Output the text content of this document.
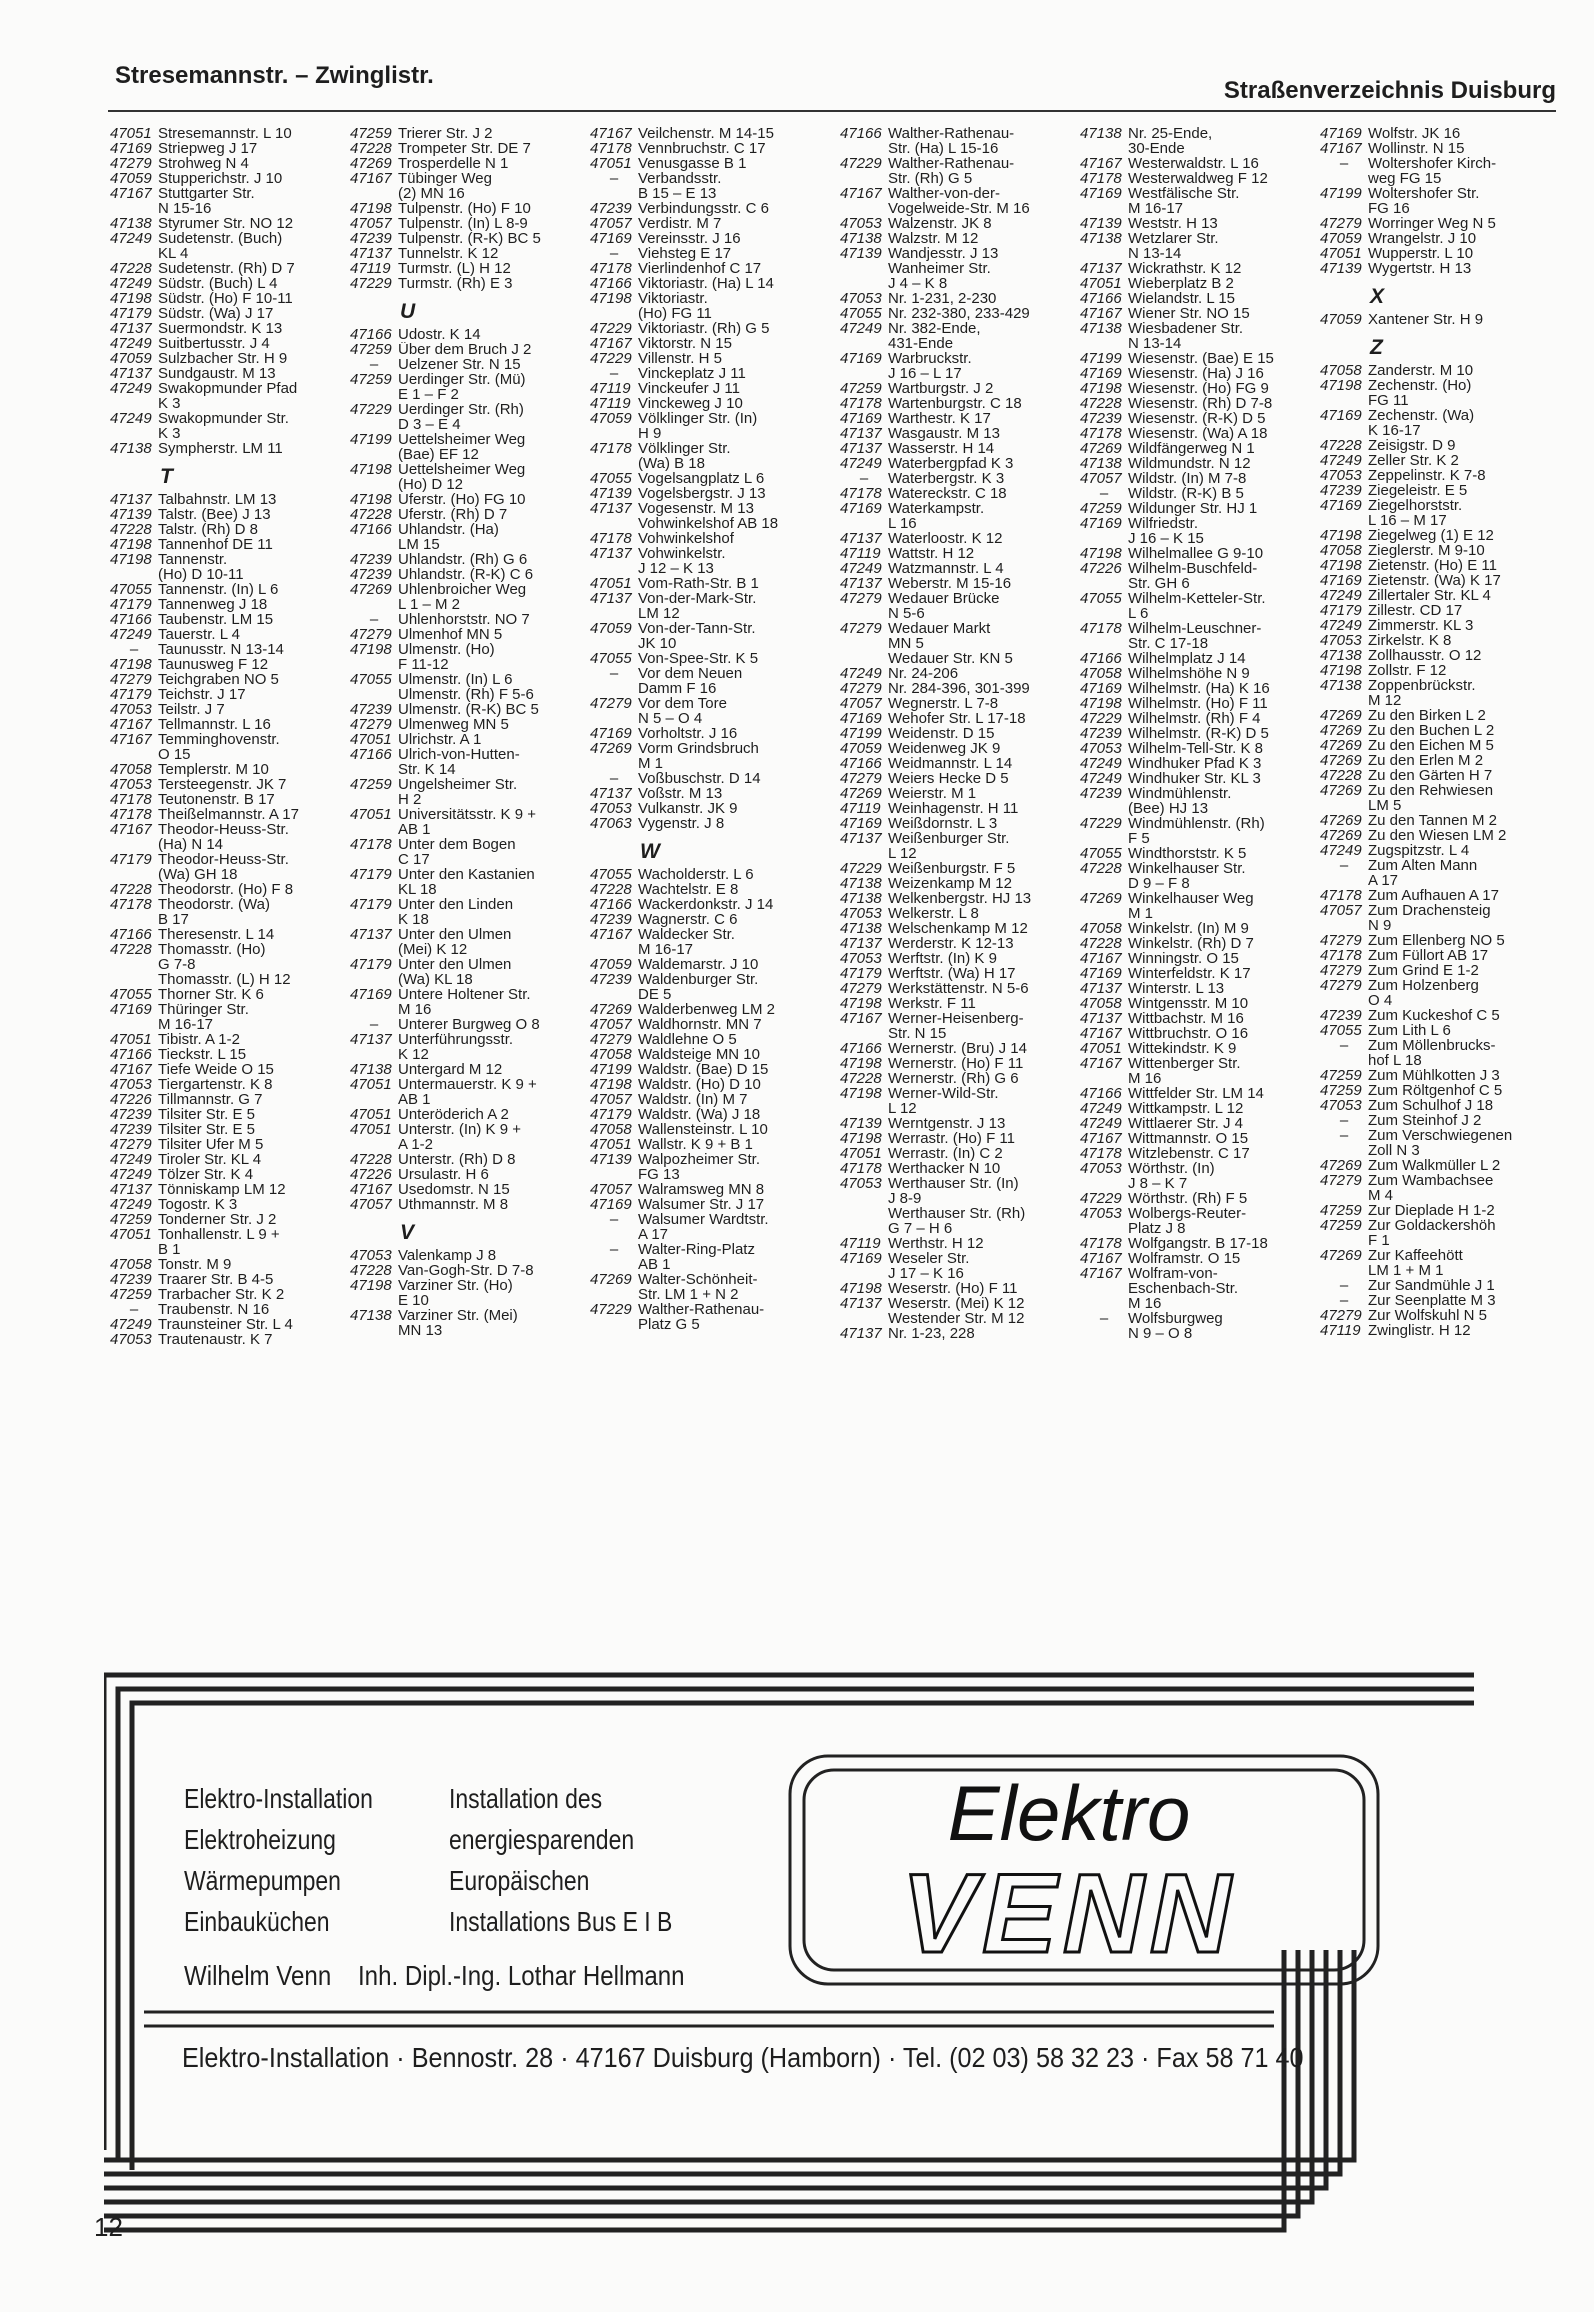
Stresemannstr. – Zwinglistr.
Straßenverzeichnis Duisburg
47051 Stresemannstr. L 10
47169 Striepweg J 17
47279 Strohweg N 4
47059 Stupperichstr. J 10
47167 Stuttgarter Str.
N 15-16
47138 Styrumer Str. NO 12
47249 Sudetenstr. (Buch)
KL 4
47228 Sudetenstr. (Rh) D 7
47249 Südstr. (Buch) L 4
47198 Südstr. (Ho) F 10-11
47179 Südstr. (Wa) J 17
47137 Suermondstr. K 13
47249 Suitbertusstr. J 4
47059 Sulzbacher Str. H 9
47137 Sundgaustr. M 13
47249 Swakopmunder Pfad
K 3
47249 Swakopmunder Str.
K 3
47138 Sympherstr. LM 11
T
47137 Talbahnstr. LM 13
47139 Talstr. (Bee) J 13
47228 Talstr. (Rh) D 8
47198 Tannenhof DE 11
47198 Tannenstr.
(Ho) D 10-11
47055 Tannenstr. (In) L 6
47179 Tannenweg J 18
47166 Taubenstr. LM 15
47249 Tauerstr. L 4
– Taunusstr. N 13-14
47198 Taunusweg F 12
47279 Teichgraben NO 5
47179 Teichstr. J 17
47053 Teilstr. J 7
47167 Tellmannstr. L 16
47167 Temminghovenstr.
O 15
47058 Templerstr. M 10
47053 Tersteegenstr. JK 7
47178 Teutonenstr. B 17
47178 Theißelmannstr. A 17
47167 Theodor-Heuss-Str.
(Ha) N 14
47179 Theodor-Heuss-Str.
(Wa) GH 18
47228 Theodorstr. (Ho) F 8
47178 Theodorstr. (Wa)
B 17
47166 Theresenstr. L 14
47228 Thomasstr. (Ho)
G 7-8
Thomasstr. (L) H 12
47055 Thorner Str. K 6
47169 Thüringer Str.
M 16-17
47051 Tibistr. A 1-2
47166 Tieckstr. L 15
47167 Tiefe Weide O 15
47053 Tiergartenstr. K 8
47226 Tillmannstr. G 7
47239 Tilsiter Str. E 5
47239 Tilsiter Str. E 5
47279 Tilsiter Ufer M 5
47249 Tiroler Str. KL 4
47249 Tölzer Str. K 4
47137 Tönniskamp LM 12
47249 Togostr. K 3
47259 Tonderner Str. J 2
47051 Tonhallenstr. L 9 +
B 1
47058 Tonstr. M 9
47239 Traarer Str. B 4-5
47259 Trarbacher Str. K 2
– Traubenstr. N 16
47249 Traunsteiner Str. L 4
47053 Trautenaustr. K 7
47259 Trierer Str. J 2
47228 Trompeter Str. DE 7
47269 Trosperdelle N 1
47167 Tübinger Weg
(2) MN 16
47198 Tulpenstr. (Ho) F 10
47057 Tulpenstr. (In) L 8-9
47239 Tulpenstr. (R-K) BC 5
47137 Tunnelstr. K 12
47119 Turmstr. (L) H 12
47229 Turmstr. (Rh) E 3
U
47166 Udostr. K 14
47259 Über dem Bruch J 2
– Uelzener Str. N 15
47259 Uerdinger Str. (Mü)
E 1 – F 2
47229 Uerdinger Str. (Rh)
D 3 – E 4
47199 Uettelsheimer Weg
(Bae) EF 12
47198 Uettelsheimer Weg
(Ho) D 12
47198 Uferstr. (Ho) FG 10
47228 Uferstr. (Rh) D 7
47166 Uhlandstr. (Ha)
LM 15
47239 Uhlandstr. (Rh) G 6
47239 Uhlandstr. (R-K) C 6
47269 Uhlenbroicher Weg
L 1 – M 2
– Uhlenhorststr. NO 7
47279 Ulmenhof MN 5
47198 Ulmenstr. (Ho)
F 11-12
47055 Ulmenstr. (In) L 6
Ulmenstr. (Rh) F 5-6
47239 Ulmenstr. (R-K) BC 5
47279 Ulmenweg MN 5
47051 Ulrichstr. A 1
47166 Ulrich-von-Hutten-
Str. K 14
47259 Ungelsheimer Str.
H 2
47051 Universitätsstr. K 9 +
AB 1
47178 Unter dem Bogen
C 17
47179 Unter den Kastanien
KL 18
47179 Unter den Linden
K 18
47137 Unter den Ulmen
(Mei) K 12
47179 Unter den Ulmen
(Wa) KL 18
47169 Untere Holtener Str.
M 16
– Unterer Burgweg O 8
47137 Unterführungsstr.
K 12
47138 Untergard M 12
47051 Untermauerstr. K 9 +
AB 1
47051 Unteröderich A 2
47051 Unterstr. (In) K 9 +
A 1-2
47228 Unterstr. (Rh) D 8
47226 Ursulastr. H 6
47167 Usedomstr. N 15
47057 Uthmannstr. M 8
V
47053 Valenkamp J 8
47228 Van-Gogh-Str. D 7-8
47198 Varziner Str. (Ho)
E 10
47138 Varziner Str. (Mei)
MN 13
47167 Veilchenstr. M 14-15
47178 Vennbruchstr. C 17
47051 Venusgasse B 1
– Verbandsstr.
B 15 – E 13
47239 Verbindungsstr. C 6
47057 Verdistr. M 7
47169 Vereinsstr. J 16
– Viehsteg E 17
47178 Vierlindenhof C 17
47166 Viktoriastr. (Ha) L 14
47198 Viktoriastr.
(Ho) FG 11
47229 Viktoriastr. (Rh) G 5
47167 Viktorstr. N 15
47229 Villenstr. H 5
– Vinckeplatz J 11
47119 Vinckeufer J 11
47119 Vinckeweg J 10
47059 Völklinger Str. (In)
H 9
47178 Völklinger Str.
(Wa) B 18
47055 Vogelsangplatz L 6
47139 Vogelsbergstr. J 13
47137 Vogesenstr. M 13
Vohwinkelshof AB 18
47178 Vohwinkelshof
47137 Vohwinkelstr.
J 12 – K 13
47051 Vom-Rath-Str. B 1
47137 Von-der-Mark-Str.
LM 12
47059 Von-der-Tann-Str.
JK 10
47055 Von-Spee-Str. K 5
– Vor dem Neuen
Damm F 16
47279 Vor dem Tore
N 5 – O 4
47169 Vorholtstr. J 16
47269 Vorm Grindsbruch
M 1
– Voßbuschstr. D 14
47137 Voßstr. M 13
47053 Vulkanstr. JK 9
47063 Vygenstr. J 8
W
47055 Wacholderstr. L 6
47228 Wachtelstr. E 8
47166 Wackerdonkstr. J 14
47239 Wagnerstr. C 6
47167 Waldecker Str.
M 16-17
47059 Waldemarstr. J 10
47239 Waldenburger Str.
DE 5
47269 Walderbenweg LM 2
47057 Waldhornstr. MN 7
47279 Waldlehne O 5
47058 Waldsteige MN 10
47199 Waldstr. (Bae) D 15
47198 Waldstr. (Ho) D 10
47057 Waldstr. (In) M 7
47179 Waldstr. (Wa) J 18
47058 Wallensteinstr. L 10
47051 Wallstr. K 9 + B 1
47139 Walpozheimer Str.
FG 13
47057 Walramsweg MN 8
47169 Walsumer Str. J 17
– Walsumer Wardtstr.
A 17
– Walter-Ring-Platz
AB 1
47269 Walter-Schönheit-
Str. LM 1 + N 2
47229 Walther-Rathenau-
Platz G 5
47166 Walther-Rathenau-
Str. (Ha) L 15-16
47229 Walther-Rathenau-
Str. (Rh) G 5
47167 Walther-von-der-
Vogelweide-Str. M 16
47053 Walzenstr. JK 8
47138 Walzstr. M 12
47139 Wandjesstr. J 13
Wanheimer Str.
J 4 – K 8
47053 Nr. 1-231, 2-230
47055 Nr. 232-380, 233-429
47249 Nr. 382-Ende,
431-Ende
47169 Warbruckstr.
J 16 – L 17
47259 Wartburgstr. J 2
47178 Wartenburgstr. C 18
47169 Warthestr. K 17
47137 Wasgaustr. M 13
47137 Wasserstr. H 14
47249 Waterbergpfad K 3
– Waterbergstr. K 3
47178 Watereckstr. C 18
47169 Waterkampstr.
L 16
47137 Waterloostr. K 12
47119 Wattstr. H 12
47249 Watzmannstr. L 4
47137 Weberstr. M 15-16
47279 Wedauer Brücke
N 5-6
47279 Wedauer Markt
MN 5
Wedauer Str. KN 5
47249 Nr. 24-206
47279 Nr. 284-396, 301-399
47057 Wegnerstr. L 7-8
47169 Wehofer Str. L 17-18
47199 Weidenstr. D 15
47059 Weidenweg JK 9
47166 Weidmannstr. L 14
47279 Weiers Hecke D 5
47269 Weierstr. M 1
47119 Weinhagenstr. H 11
47169 Weißdornstr. L 3
47137 Weißenburger Str.
L 12
47229 Weißenburgstr. F 5
47138 Weizenkamp M 12
47138 Welkenbergstr. HJ 13
47053 Welkerstr. L 8
47138 Welschenkamp M 12
47137 Werderstr. K 12-13
47053 Werftstr. (In) K 9
47179 Werftstr. (Wa) H 17
47279 Werkstättenstr. N 5-6
47198 Werkstr. F 11
47167 Werner-Heisenberg-
Str. N 15
47166 Wernerstr. (Bru) J 14
47198 Wernerstr. (Ho) F 11
47228 Wernerstr. (Rh) G 6
47198 Werner-Wild-Str.
L 12
47139 Werntgenstr. J 13
47198 Werrastr. (Ho) F 11
47051 Werrastr. (In) C 2
47178 Werthacker N 10
47053 Werthauser Str. (In)
J 8-9
Werthauser Str. (Rh)
G 7 – H 6
47119 Werthstr. H 12
47169 Weseler Str.
J 17 – K 16
47198 Weserstr. (Ho) F 11
47137 Weserstr. (Mei) K 12
Westender Str. M 12
47137 Nr. 1-23, 228
47138 Nr. 25-Ende,
30-Ende
47167 Westerwaldstr. L 16
47178 Westerwaldweg F 12
47169 Westfälische Str.
M 16-17
47139 Weststr. H 13
47138 Wetzlarer Str.
N 13-14
47137 Wickrathstr. K 12
47051 Wieberplatz B 2
47166 Wielandstr. L 15
47167 Wiener Str. NO 15
47138 Wiesbadener Str.
N 13-14
47199 Wiesenstr. (Bae) E 15
47169 Wiesenstr. (Ha) J 16
47198 Wiesenstr. (Ho) FG 9
47228 Wiesenstr. (Rh) D 7-8
47239 Wiesenstr. (R-K) D 5
47178 Wiesenstr. (Wa) A 18
47269 Wildfängerweg N 1
47138 Wildmundstr. N 12
47057 Wildstr. (In) M 7-8
– Wildstr. (R-K) B 5
47259 Wildunger Str. HJ 1
47169 Wilfriedstr.
J 16 – K 15
47198 Wilhelmallee G 9-10
47226 Wilhelm-Buschfeld-
Str. GH 6
47055 Wilhelm-Ketteler-Str.
L 6
47178 Wilhelm-Leuschner-
Str. C 17-18
47166 Wilhelmplatz J 14
47058 Wilhelmshöhe N 9
47169 Wilhelmstr. (Ha) K 16
47198 Wilhelmstr. (Ho) F 11
47229 Wilhelmstr. (Rh) F 4
47239 Wilhelmstr. (R-K) D 5
47053 Wilhelm-Tell-Str. K 8
47249 Windhuker Pfad K 3
47249 Windhuker Str. KL 3
47239 Windmühlenstr.
(Bee) HJ 13
47229 Windmühlenstr. (Rh)
F 5
47055 Windthorststr. K 5
47228 Winkelhauser Str.
D 9 – F 8
47269 Winkelhauser Weg
M 1
47058 Winkelstr. (In) M 9
47228 Winkelstr. (Rh) D 7
47167 Winningstr. O 15
47169 Winterfeldstr. K 17
47137 Winterstr. L 13
47058 Wintgensstr. M 10
47137 Wittbachstr. M 16
47167 Wittbruchstr. O 16
47051 Wittekindstr. K 9
47167 Wittenberger Str.
M 16
47166 Wittfelder Str. LM 14
47249 Wittkampstr. L 12
47249 Wittlaerer Str. J 4
47167 Wittmannstr. O 15
47178 Witzlebenstr. C 17
47053 Wörthstr. (In)
J 8 – K 7
47229 Wörthstr. (Rh) F 5
47053 Wolbergs-Reuter-
Platz J 8
47178 Wolfgangstr. B 17-18
47167 Wolframstr. O 15
47167 Wolfram-von-
Eschenbach-Str.
M 16
– Wolfsburgweg
N 9 – O 8
47169 Wolfstr. JK 16
47167 Wollinstr. N 15
– Woltershofer Kirch-
weg FG 15
47199 Woltershofer Str.
FG 16
47279 Worringer Weg N 5
47059 Wrangelstr. J 10
47051 Wupperstr. L 10
47139 Wygertstr. H 13
X
47059 Xantener Str. H 9
Z
47058 Zanderstr. M 10
47198 Zechenstr. (Ho)
FG 11
47169 Zechenstr. (Wa)
K 16-17
47228 Zeisigstr. D 9
47249 Zeller Str. K 2
47053 Zeppelinstr. K 7-8
47239 Ziegeleistr. E 5
47169 Ziegelhorststr.
L 16 – M 17
47198 Ziegelweg (1) E 12
47058 Zieglerstr. M 9-10
47198 Zietenstr. (Ho) E 11
47169 Zietenstr. (Wa) K 17
47249 Zillertaler Str. KL 4
47179 Zillestr. CD 17
47249 Zimmerstr. KL 3
47053 Zirkelstr. K 8
47138 Zollhausstr. O 12
47198 Zollstr. F 12
47138 Zoppenbrückstr.
M 12
47269 Zu den Birken L 2
47269 Zu den Buchen L 2
47269 Zu den Eichen M 5
47269 Zu den Erlen M 2
47228 Zu den Gärten H 7
47269 Zu den Rehwiesen
LM 5
47269 Zu den Tannen M 2
47269 Zu den Wiesen LM 2
47249 Zugspitzstr. L 4
– Zum Alten Mann
A 17
47178 Zum Aufhauen A 17
47057 Zum Drachensteig
N 9
47279 Zum Ellenberg NO 5
47178 Zum Füllort AB 17
47279 Zum Grind E 1-2
47279 Zum Holzenberg
O 4
47239 Zum Kuckeshof C 5
47055 Zum Lith L 6
– Zum Möllenbrucks-
hof L 18
47259 Zum Mühlkotten J 3
47259 Zum Röltgenhof C 5
47053 Zum Schulhof J 18
– Zum Steinhof J 2
– Zum Verschwiegenen
Zoll N 3
47269 Zum Walkmüller L 2
47279 Zum Wambachsee
M 4
47259 Zur Dieplade H 1-2
47259 Zur Goldackershöh
F 1
47269 Zur Kaffeehött
LM 1 + M 1
– Zur Sandmühle J 1
– Zur Seenplatte M 3
47279 Zur Wolfskuhl N 5
47119 Zwinglistr. H 12
Elektro
VENN
Elektro-Installation
Elektroheizung
Wärmepumpen
Einbauküchen
Installation des
energiesparenden
Europäischen
Installations Bus E I B
Wilhelm Venn    Inh. Dipl.-Ing. Lothar Hellmann
Elektro-Installation · Bennostr. 28 · 47167 Duisburg (Hamborn) · Tel. (02 03) 58 32 23 · Fax 58 71 40
12
